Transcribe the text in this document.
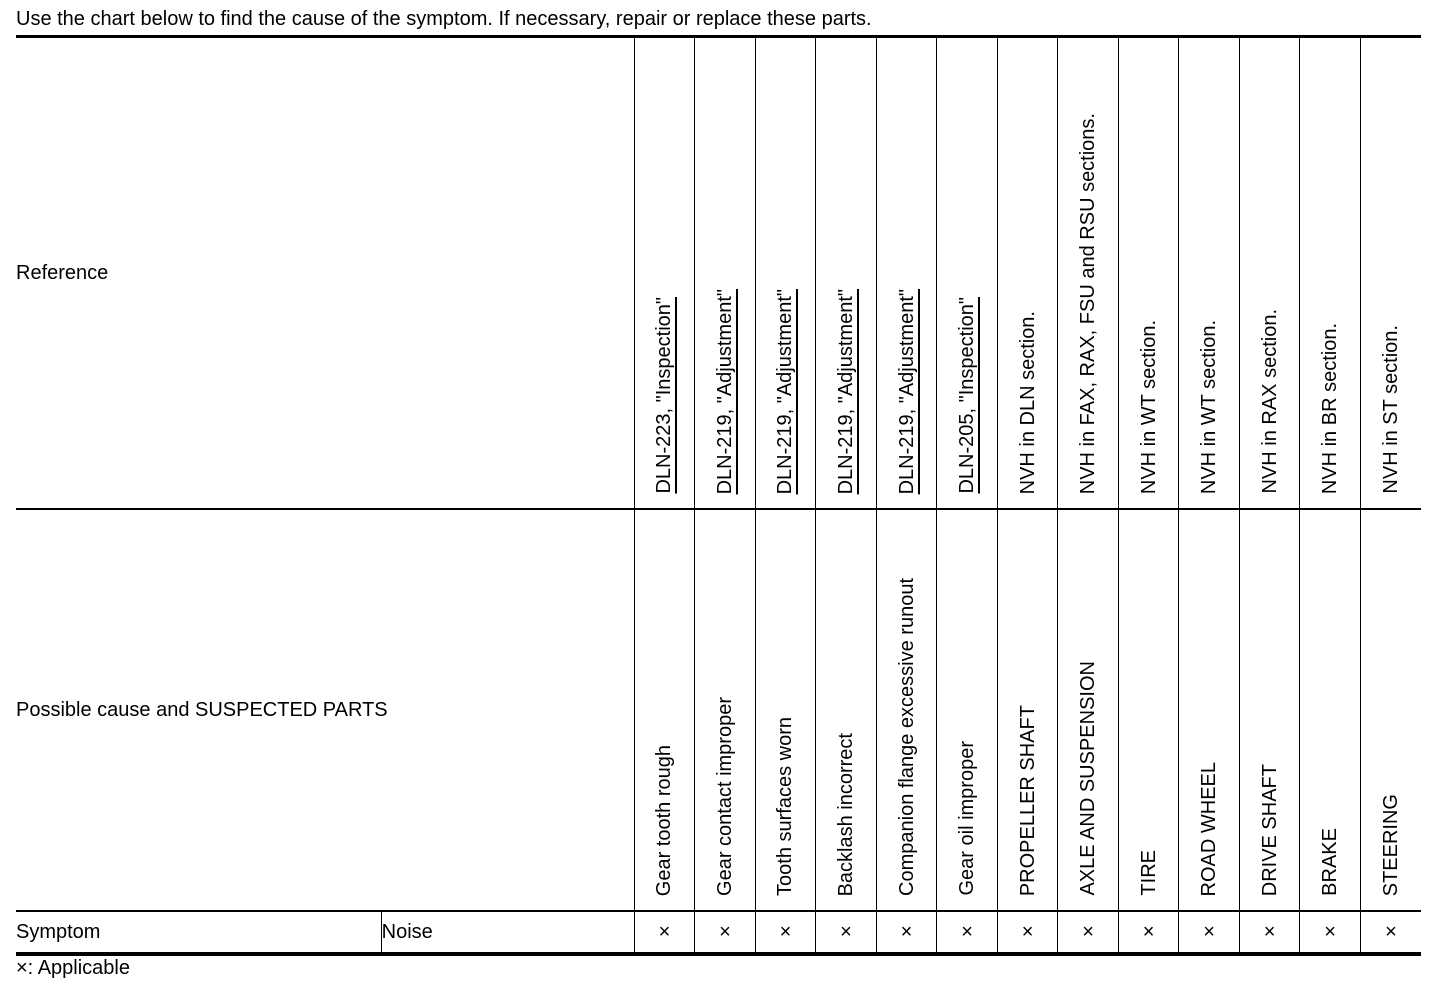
Use the chart below to find the cause of the symptom. If necessary, repair or replace these parts.
Reference		DLN-223, "Inspection"	DLN-219, "Adjustment"	DLN-219, "Adjustment"	DLN-219, "Adjustment"	DLN-219, "Adjustment"	DLN-205, "Inspection"	NVH in DLN section.	NVH in FAX, RAX, FSU and RSU sections.	NVH in WT section.	NVH in WT section.	NVH in RAX section.	NVH in BR section.	NVH in ST section.

Possible cause and SUSPECTED PARTS		Gear tooth rough	Gear contact improper	Tooth surfaces worn	Backlash incorrect	Companion flange excessive runout	Gear oil improper	PROPELLER SHAFT	AXLE AND SUSPENSION	TIRE	ROAD WHEEL	DRIVE SHAFT	BRAKE	STEERING

Symptom	Noise	×	×	×	×	×	×	×	×	×	×	×	×	×
×: Applicable
